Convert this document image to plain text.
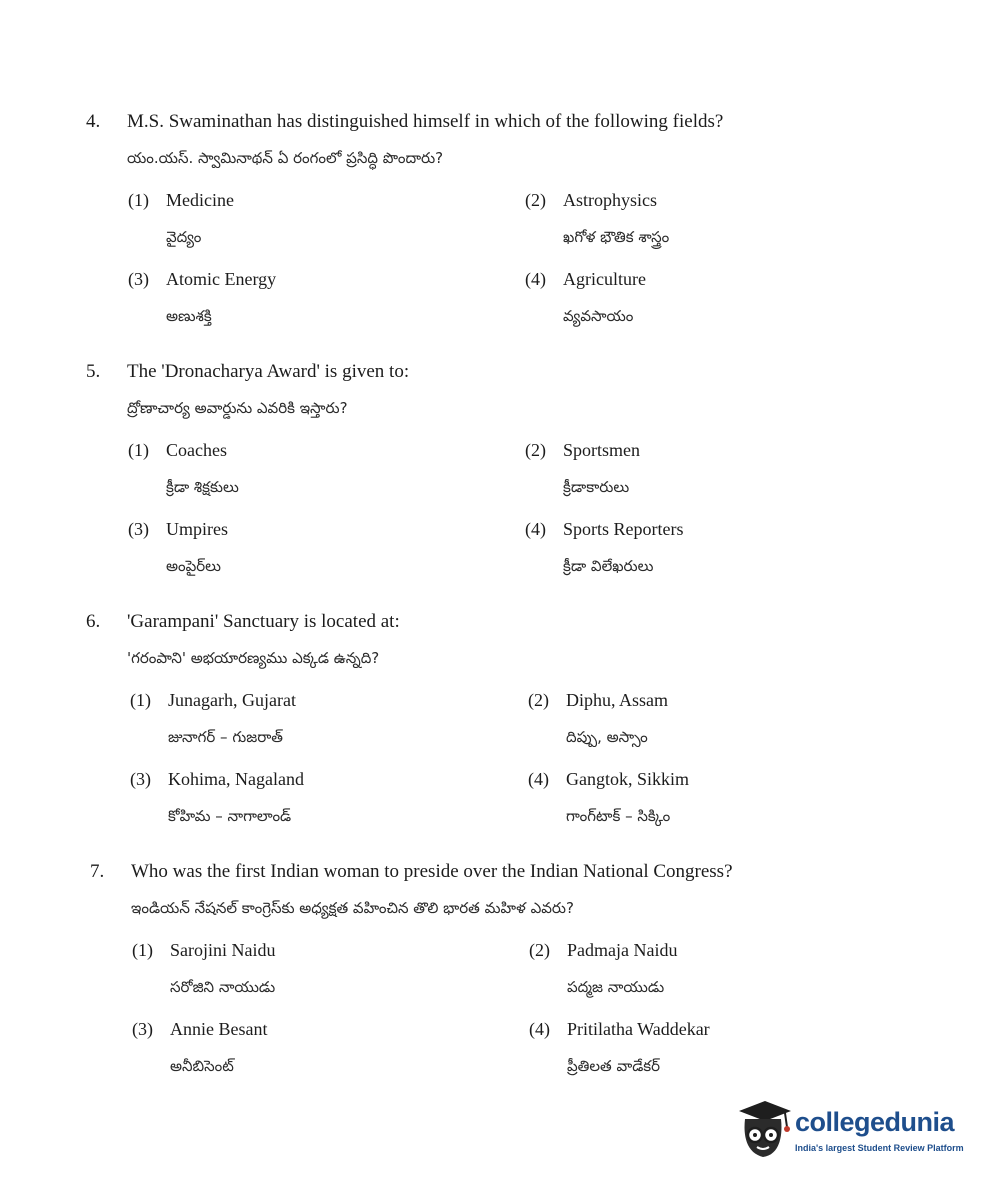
4. M.S. Swaminathan has distinguished himself in which of the following fields?
యం.యస్. స్వామినాథన్ ఏ రంగంలో ప్రసిద్ధి పొందారు?
(1) Medicine
వైద్యం
(2) Astrophysics
ఖగోళ భౌతిక శాస్త్రం
(3) Atomic Energy
అణుశక్తి
(4) Agriculture
వ్యవసాయం
5. The 'Dronacharya Award' is given to:
ద్రోణాచార్య అవార్డును ఎవరికి ఇస్తారు?
(1) Coaches
క్రీడా శిక్షకులు
(2) Sportsmen
క్రీడాకారులు
(3) Umpires
అంపైర్‌లు
(4) Sports Reporters
క్రీడా విలేఖరులు
6. 'Garampani' Sanctuary is located at:
'గరంపాని' అభయారణ్యము ఎక్కడ ఉన్నది?
(1) Junagarh, Gujarat
జునాగర్ – గుజరాత్
(2) Diphu, Assam
దిప్పు, అస్సాం
(3) Kohima, Nagaland
కోహిమ – నాగాలాండ్
(4) Gangtok, Sikkim
గాంగ్‌టాక్ – సిక్కిం
7. Who was the first Indian woman to preside over the Indian National Congress?
ఇండియన్ నేషనల్ కాంగ్రెస్‌కు అధ్యక్షత వహించిన తొలి భారత మహిళ ఎవరు?
(1) Sarojini Naidu
సరోజిని నాయుడు
(2) Padmaja Naidu
పద్మజ నాయుడు
(3) Annie Besant
అనీబిసెంట్
(4) Pritilatha Waddekar
ప్రీతిలత వాడేకర్
collegedunia
India's largest Student Review Platform
